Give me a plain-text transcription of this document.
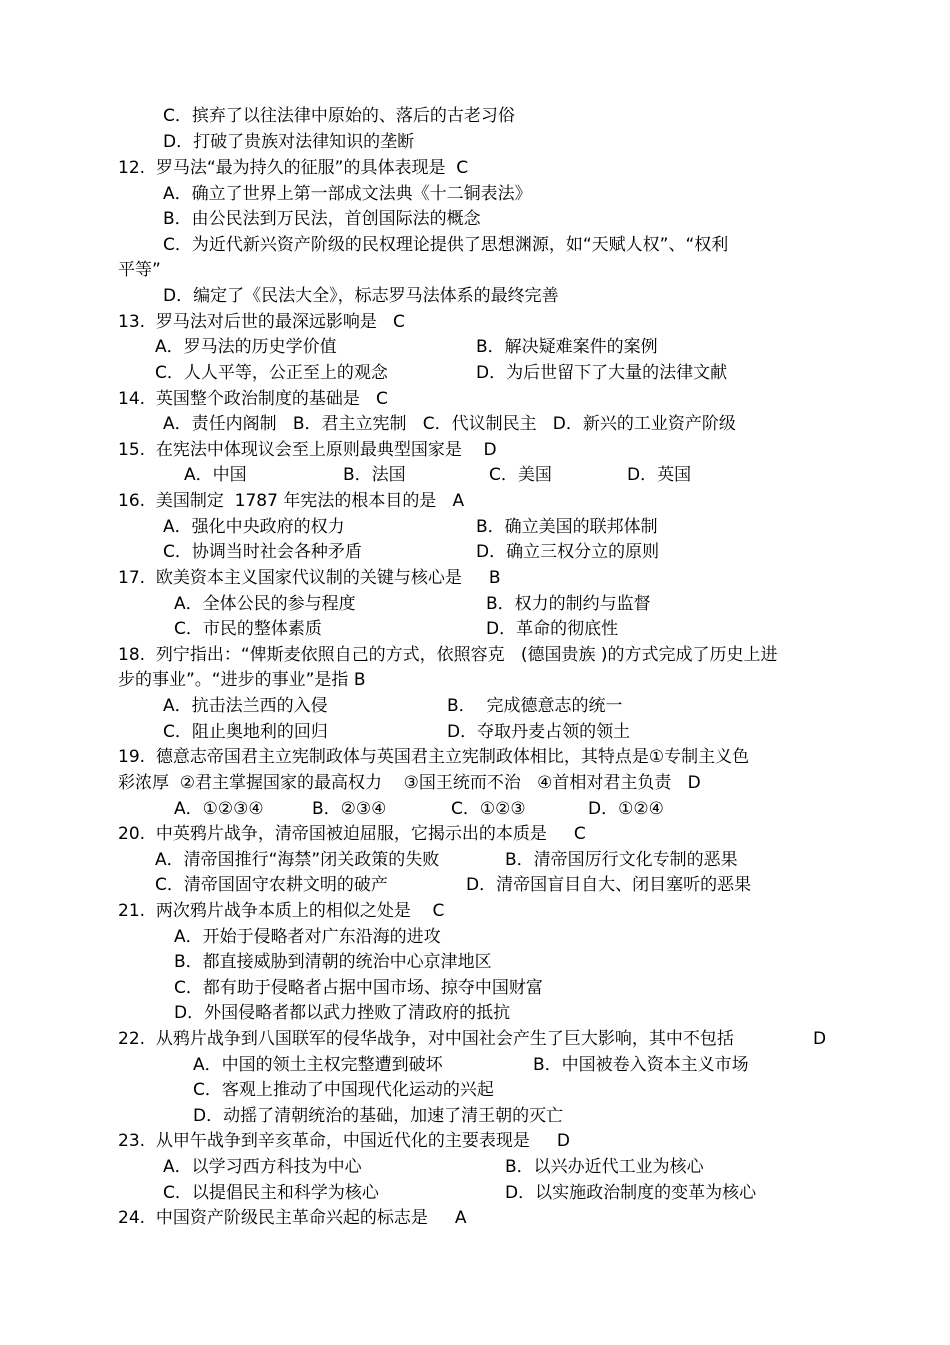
C．摈弃了以往法律中原始的、落后的古老习俗
D．打破了贵族对法律知识的垄断
12.  罗马法“最为持久的征服”的具体表现是  C
A．确立了世界上第一部成文法典《十二铜表法》
B．由公民法到万民法，首创国际法的概念
C．为近代新兴资产阶级的民权理论提供了思想渊源，如“天赋人权”、“权利
平等”
D．编定了《民法大全》，标志罗马法体系的最终完善
13.  罗马法对后世的最深远影响是   C
A．罗马法的历史学价值	B．解决疑难案件的案例
C．人人平等，公正至上的观念	D．为后世留下了大量的法律文献
14.  英国整个政治制度的基础是   C
A．责任内阁制   B．君主立宪制   C．代议制民主   D．新兴的工业资产阶级
15.  在宪法中体现议会至上原则最典型国家是    D
A．中国	B．法国	C．美国	D．英国
16.  美国制定  1787 年宪法的根本目的是   A
A．强化中央政府的权力	B．确立美国的联邦体制
C．协调当时社会各种矛盾	D．确立三权分立的原则
17.  欧美资本主义国家代议制的关键与核心是     B
A．全体公民的参与程度	B．权力的制约与监督
C．市民的整体素质	D．革命的彻底性
18.  列宁指出：“俾斯麦依照自己的方式，依照容克   (德国贵族 )的方式完成了历史上进
步的事业”。“进步的事业”是指 B
A．抗击法兰西的入侵	B．  完成德意志的统一
C．阻止奥地利的回归	D．夺取丹麦占领的领土
19.  德意志帝国君主立宪制政体与英国君主立宪制政体相比，其特点是①专制主义色
彩浓厚  ②君主掌握国家的最高权力    ③国王统而不治   ④首相对君主负责   D
A．①②③④	B．②③④	C．①②③	D．①②④
20.  中英鸦片战争，清帝国被迫屈服，它揭示出的本质是     C
A．清帝国推行“海禁”闭关政策的失败	B．清帝国厉行文化专制的恶果
C．清帝国固守农耕文明的破产	D．清帝国盲目自大、闭目塞听的恶果
21.  两次鸦片战争本质上的相似之处是    C
A．开始于侵略者对广东沿海的进攻
B．都直接威胁到清朝的统治中心京津地区
C．都有助于侵略者占据中国市场、掠夺中国财富
D．外国侵略者都以武力挫败了清政府的抵抗
22.  从鸦片战争到八国联军的侵华战争，对中国社会产生了巨大影响，其中不包括	D
A．中国的领土主权完整遭到破坏	B．中国被卷入资本主义市场
C．客观上推动了中国现代化运动的兴起
D．动摇了清朝统治的基础，加速了清王朝的灭亡
23.  从甲午战争到辛亥革命，中国近代化的主要表现是     D
A．以学习西方科技为中心	B．以兴办近代工业为核心
C．以提倡民主和科学为核心	D．以实施政治制度的变革为核心
24.  中国资产阶级民主革命兴起的标志是     A
